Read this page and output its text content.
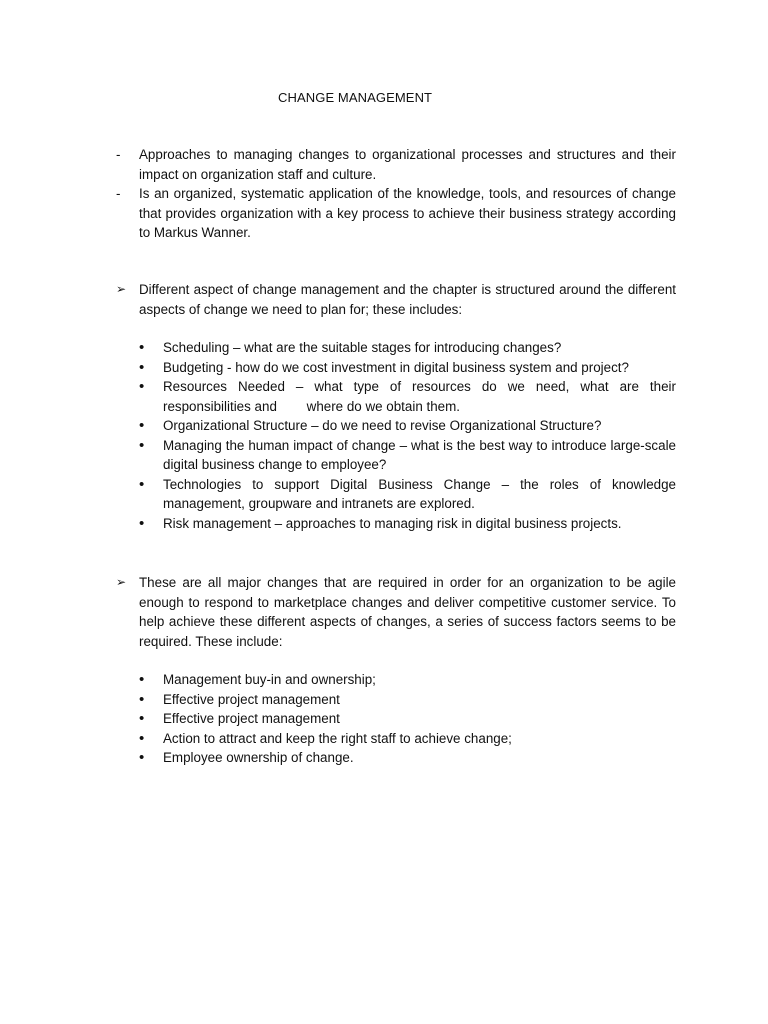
CHANGE MANAGEMENT
-	Approaches to managing changes to organizational processes and structures and their impact on organization staff and culture.
-	Is an organized, systematic application of the knowledge, tools, and resources of change that provides organization with a key process to achieve their business strategy according to Markus Wanner.
➢ Different aspect of change management and the chapter is structured around the different aspects of change we need to plan for; these includes:
•	Scheduling – what are the suitable stages for introducing changes?
•	Budgeting - how do we cost investment in digital business system and project?
•	Resources Needed – what type of resources do we need, what are their responsibilities and        where do we obtain them.
•	Organizational Structure – do we need to revise Organizational Structure?
•	Managing the human impact of change – what is the best way to introduce large-scale digital business change to employee?
•	Technologies to support Digital Business Change – the roles of knowledge management, groupware and intranets are explored.
•	Risk management – approaches to managing risk in digital business projects.
➢ These are all major changes that are required in order for an organization to be agile enough to respond to marketplace changes and deliver competitive customer service. To help achieve these different aspects of changes, a series of success factors seems to be required. These include:
•	Management buy-in and ownership;
•	Effective project management
•	Effective project management
•	Action to attract and keep the right staff to achieve change;
•	Employee ownership of change.
